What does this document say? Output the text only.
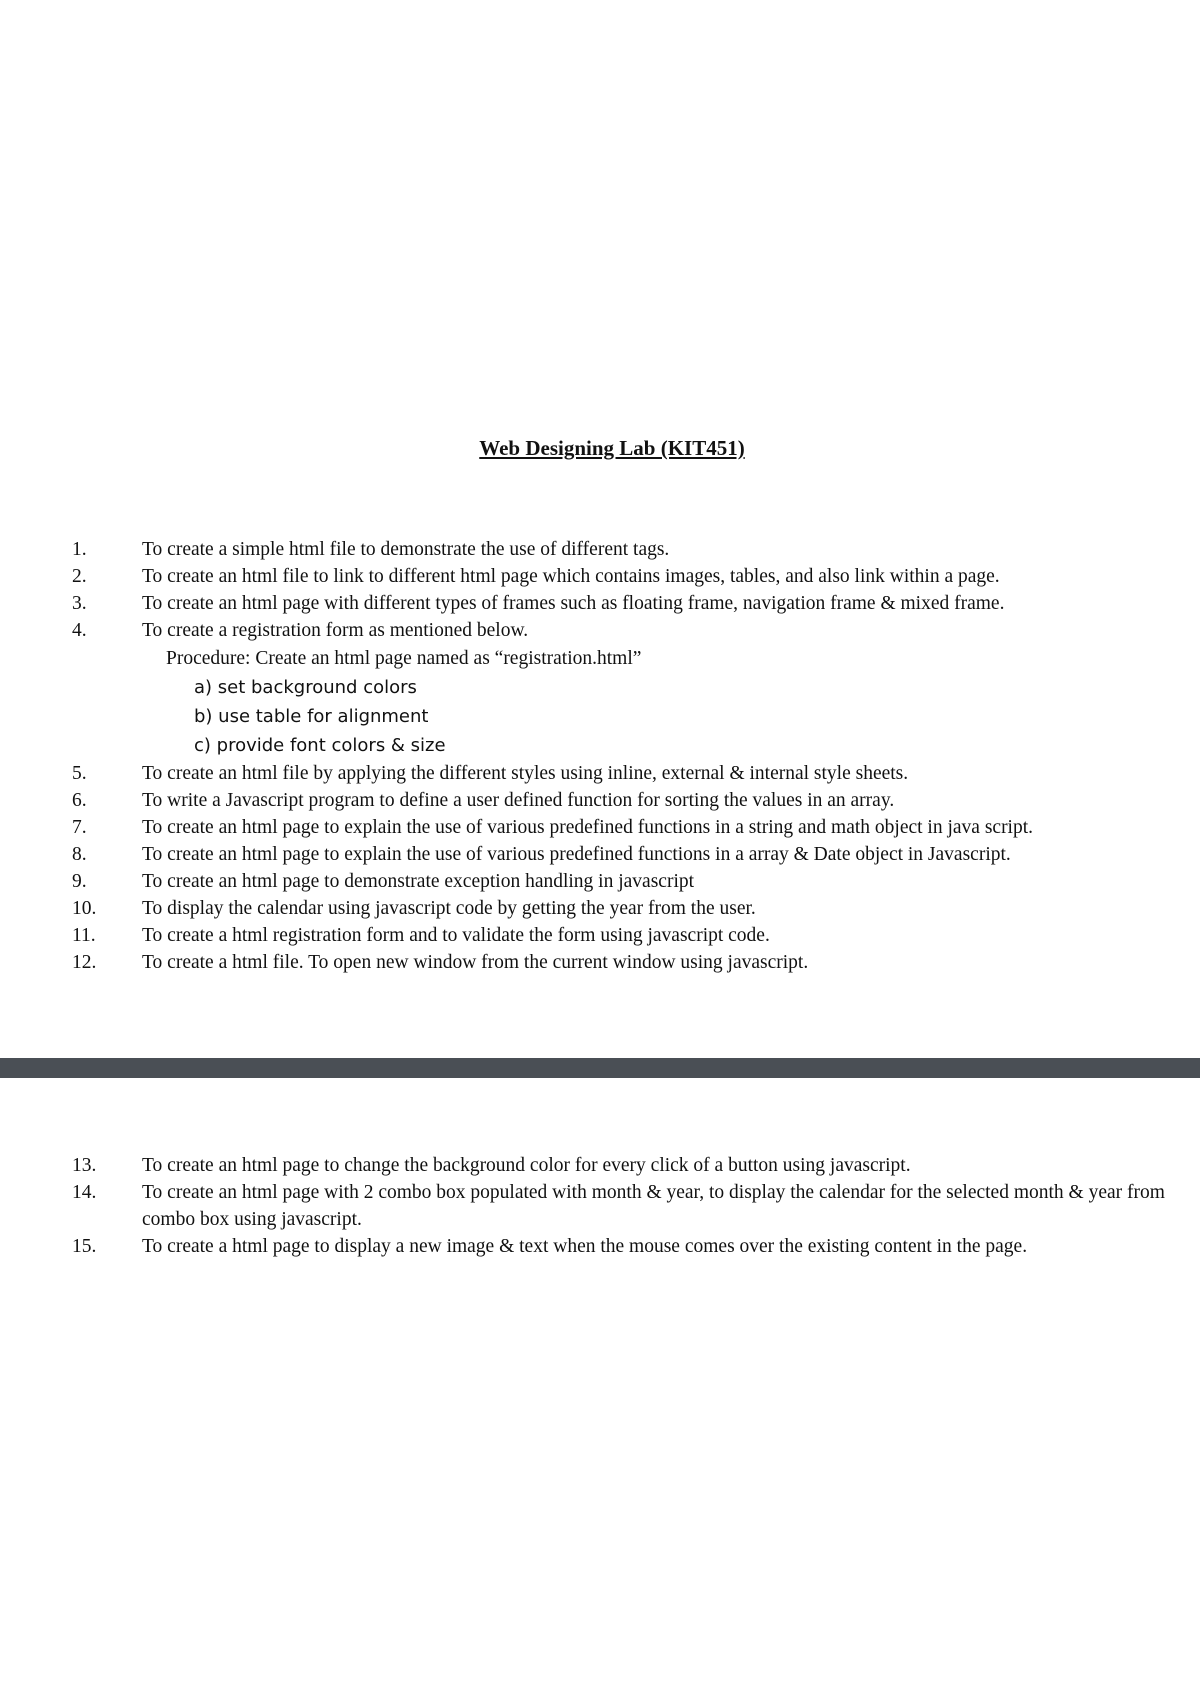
Web Designing Lab (KIT451)
1.	To create a simple html file to demonstrate the use of different tags.
2.	To create an html file to link to different html page which contains images, tables, and also link within a page.
3.	To create an html page with different types of frames such as floating frame, navigation frame & mixed frame.
4.	To create a registration form as mentioned below.
Procedure: Create an html page named as “registration.html”
a) set background colors
b) use table for alignment
c) provide font colors & size
5.	To create an html file by applying the different styles using inline, external & internal style sheets.
6.	To write a Javascript program to define a user defined function for sorting the values in an array.
7.	To create an html page to explain the use of various predefined functions in a string and math object in java script.
8.	To create an html page to explain the use of various predefined functions in a array & Date object in Javascript.
9.	To create an html page to demonstrate exception handling in javascript
10. To display the calendar using javascript code by getting the year from the user.
11. To create a html registration form and to validate the form using javascript code.
12. To create a html file. To open new window from the current window using javascript.
13. To create an html page to change the background color for every click of a button using javascript.
14. To create an html page with 2 combo box populated with month & year, to display the calendar for the selected month & year from combo box using javascript.
15. To create a html page to display a new image & text when the mouse comes over the existing content in the page.
